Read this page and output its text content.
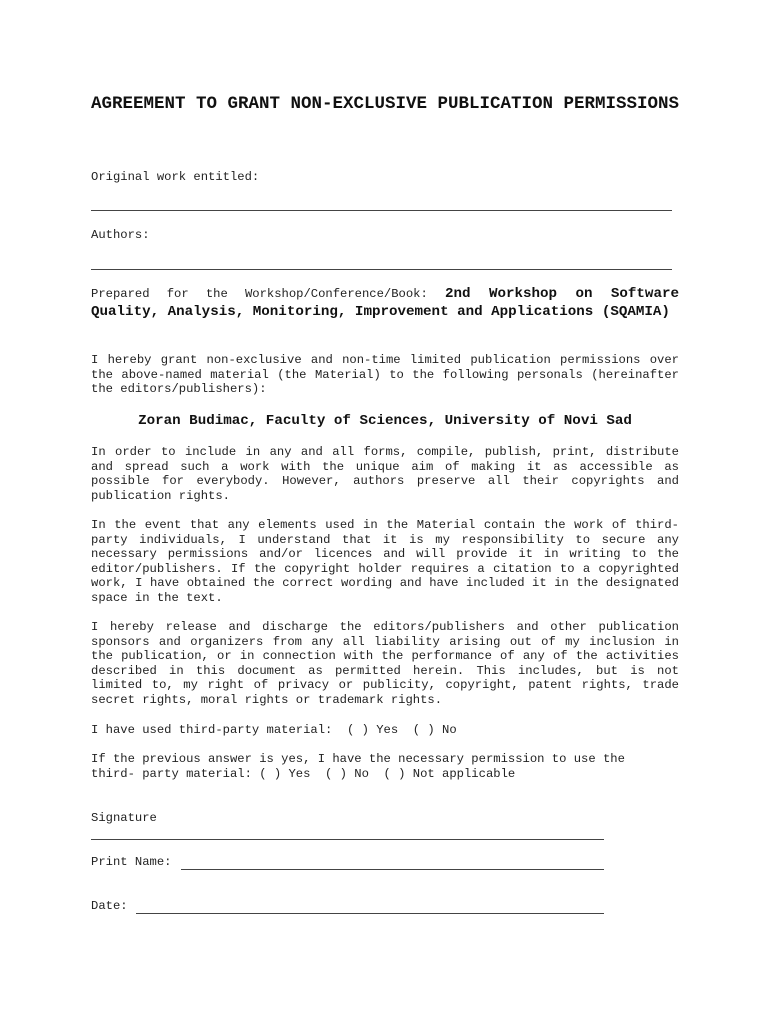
AGREEMENT TO GRANT NON-EXCLUSIVE PUBLICATION PERMISSIONS
Original work entitled:
Authors:
Prepared for the Workshop/Conference/Book: 2nd Workshop on Software Quality, Analysis, Monitoring, Improvement and Applications (SQAMIA)
I hereby grant non-exclusive and non-time limited publication permissions over the above-named material (the Material) to the following personals (hereinafter the editors/publishers):
Zoran Budimac, Faculty of Sciences, University of Novi Sad
In order to include in any and all forms, compile, publish, print, distribute and spread such a work with the unique aim of making it as accessible as possible for everybody. However, authors preserve all their copyrights and publication rights.
In the event that any elements used in the Material contain the work of third-party individuals, I understand that it is my responsibility to secure any necessary permissions and/or licences and will provide it in writing to the editor/publishers. If the copyright holder requires a citation to a copyrighted work, I have obtained the correct wording and have included it in the designated space in the text.
I hereby release and discharge the editors/publishers and other publication sponsors and organizers from any all liability arising out of my inclusion in the publication, or in connection with the performance of any of the activities described in this document as permitted herein. This includes, but is not limited to, my right of privacy or publicity, copyright, patent rights, trade secret rights, moral rights or trademark rights.
I have used third-party material:  ( ) Yes  ( ) No
If the previous answer is yes, I have the necessary permission to use the
third- party material: ( ) Yes  ( ) No  ( ) Not applicable
Signature
Print Name:
Date:
